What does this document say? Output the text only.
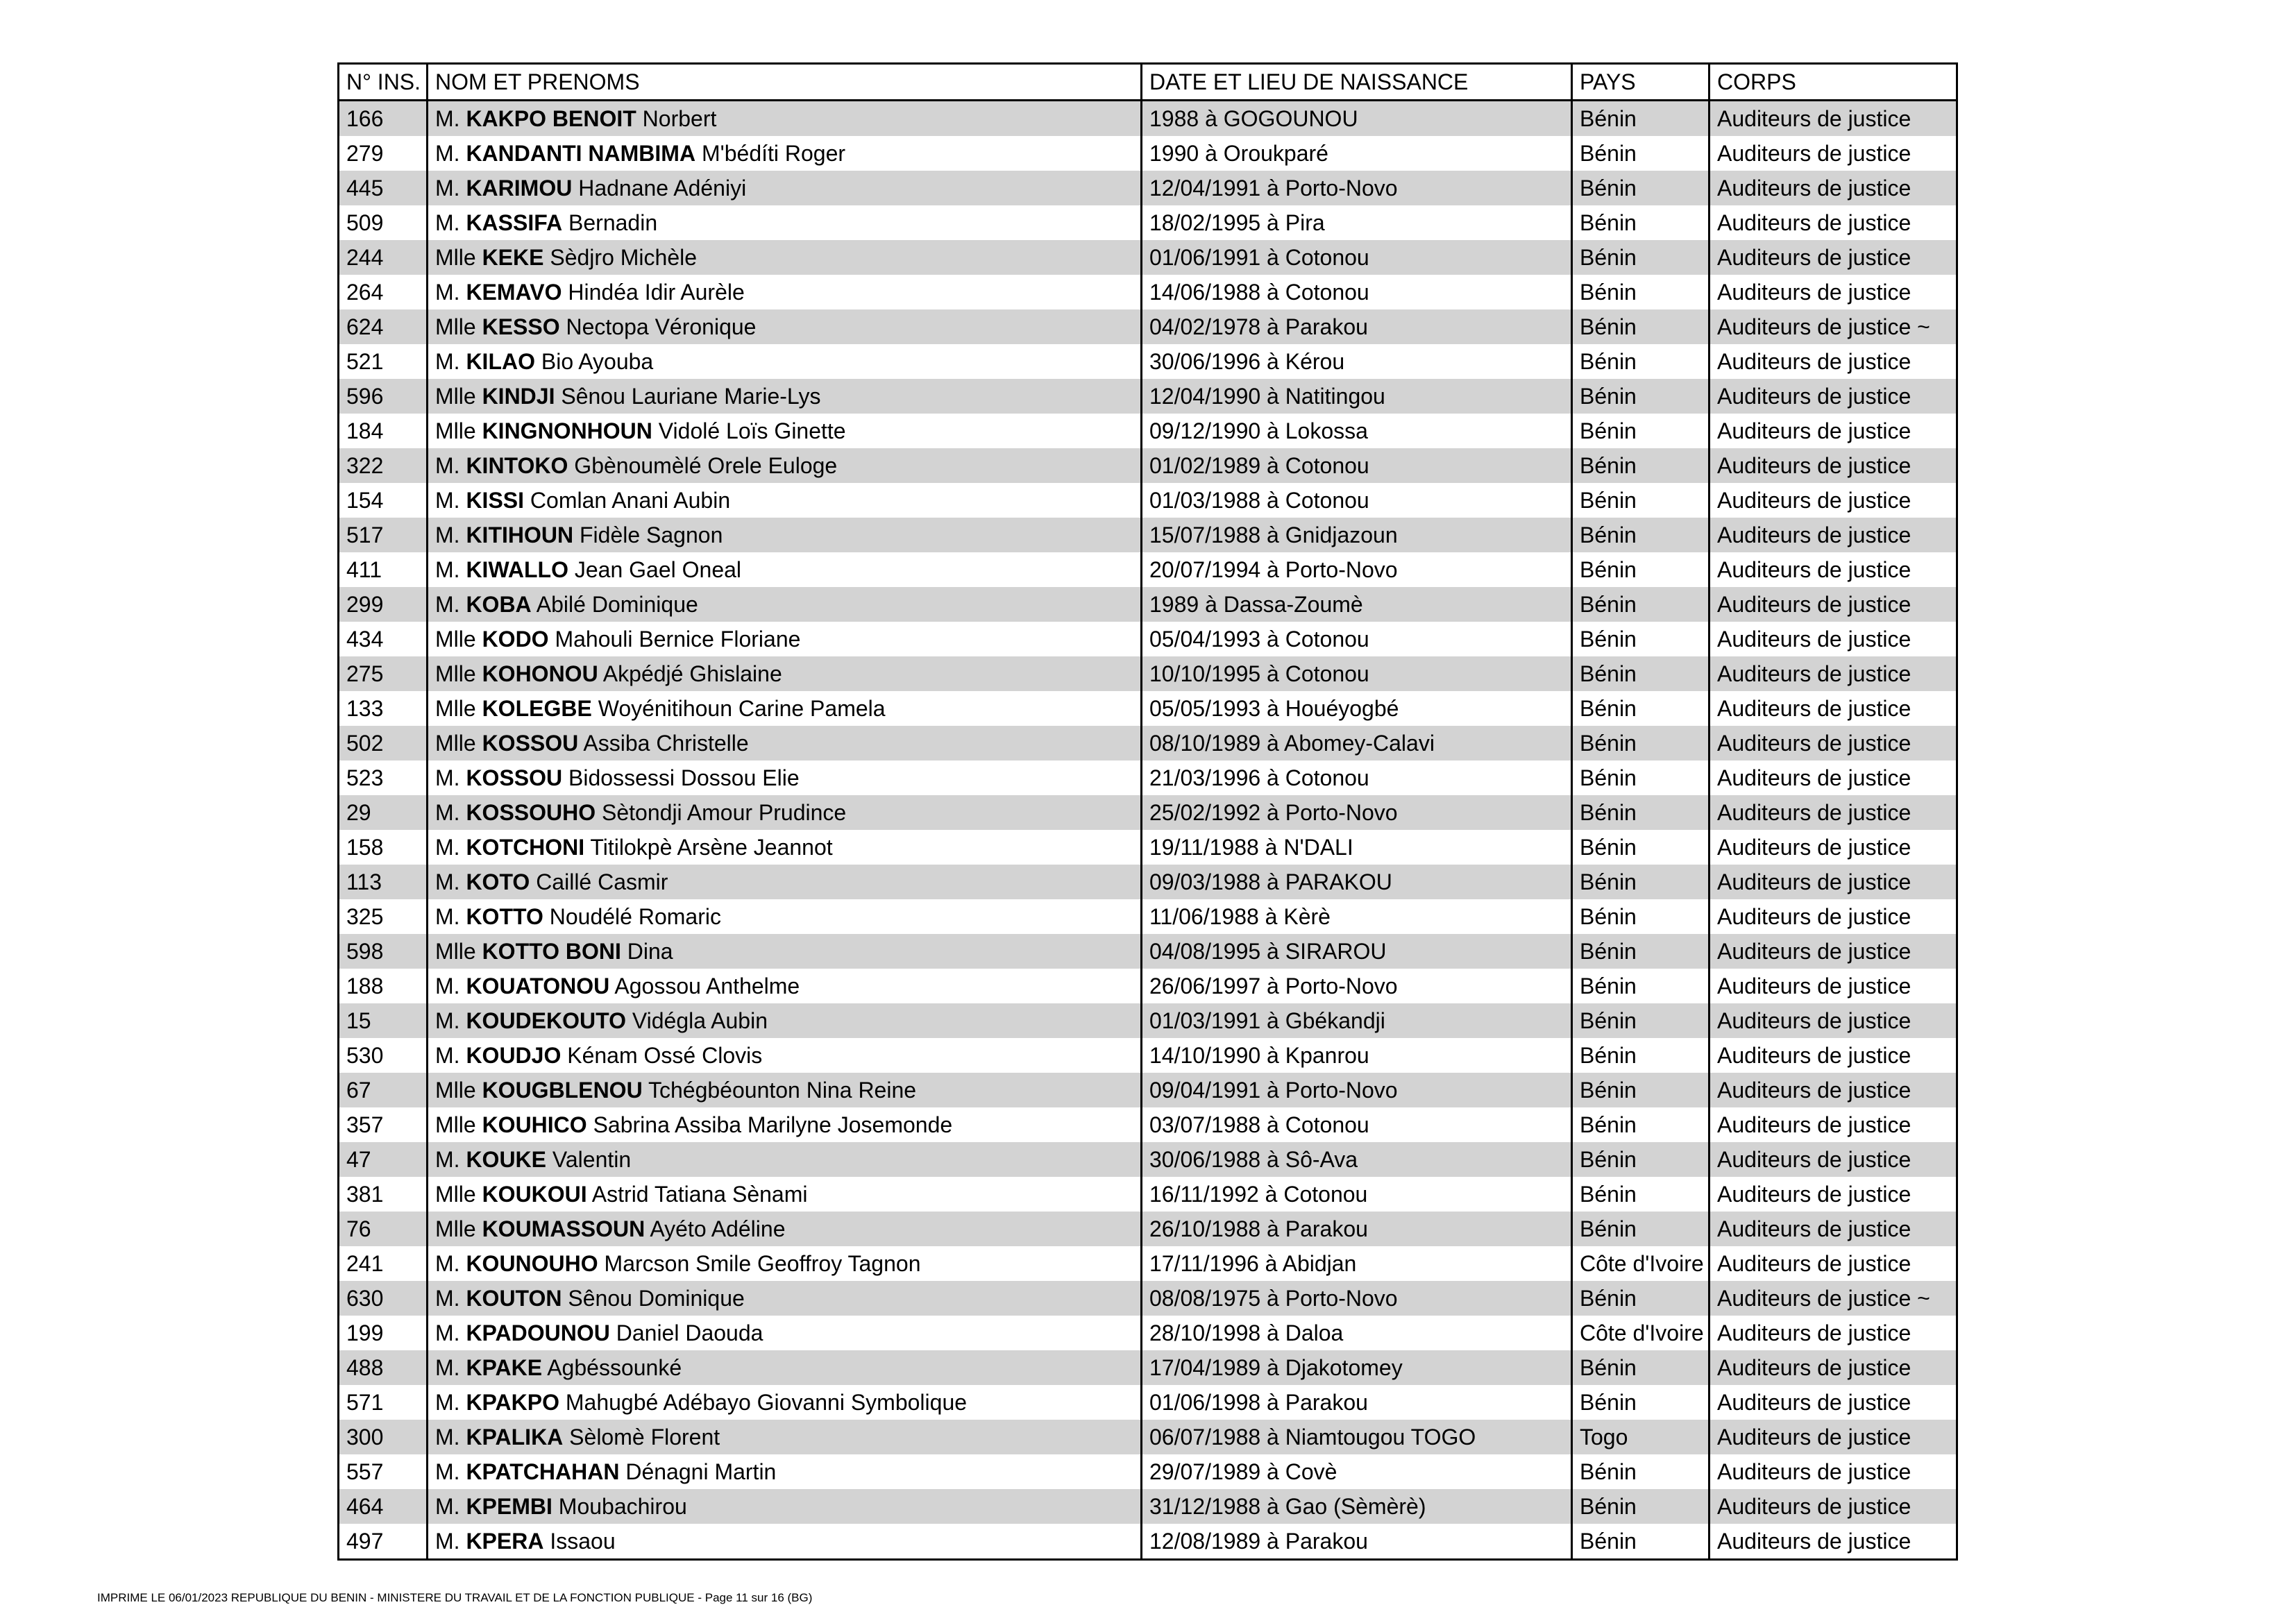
N° INS.	NOM ET PRENOMS	DATE ET LIEU DE NAISSANCE	PAYS	CORPS
166	M. KAKPO BENOIT Norbert	1988 à GOGOUNOU	Bénin	Auditeurs de justice
279	M. KANDANTI NAMBIMA M'bédíti Roger	1990 à Oroukparé	Bénin	Auditeurs de justice
445	M. KARIMOU Hadnane Adéniyi	12/04/1991 à Porto-Novo	Bénin	Auditeurs de justice
509	M. KASSIFA Bernadin	18/02/1995 à Pira	Bénin	Auditeurs de justice
244	Mlle KEKE Sèdjro Michèle	01/06/1991 à Cotonou	Bénin	Auditeurs de justice
264	M. KEMAVO Hindéa Idir Aurèle	14/06/1988 à Cotonou	Bénin	Auditeurs de justice
624	Mlle KESSO Nectopa Véronique	04/02/1978 à Parakou	Bénin	Auditeurs de justice ~
521	M. KILAO Bio Ayouba	30/06/1996 à Kérou	Bénin	Auditeurs de justice
596	Mlle KINDJI Sênou Lauriane Marie-Lys	12/04/1990 à Natitingou	Bénin	Auditeurs de justice
184	Mlle KINGNONHOUN Vidolé Loïs Ginette	09/12/1990 à Lokossa	Bénin	Auditeurs de justice
322	M. KINTOKO Gbènoumèlé Orele Euloge	01/02/1989 à Cotonou	Bénin	Auditeurs de justice
154	M. KISSI Comlan Anani Aubin	01/03/1988 à Cotonou	Bénin	Auditeurs de justice
517	M. KITIHOUN Fidèle Sagnon	15/07/1988 à Gnidjazoun	Bénin	Auditeurs de justice
411	M. KIWALLO Jean Gael Oneal	20/07/1994 à Porto-Novo	Bénin	Auditeurs de justice
299	M. KOBA Abilé Dominique	1989 à Dassa-Zoumè	Bénin	Auditeurs de justice
434	Mlle KODO Mahouli Bernice Floriane	05/04/1993 à Cotonou	Bénin	Auditeurs de justice
275	Mlle KOHONOU Akpédjé Ghislaine	10/10/1995 à Cotonou	Bénin	Auditeurs de justice
133	Mlle KOLEGBE Woyénitihoun Carine Pamela	05/05/1993 à Houéyogbé	Bénin	Auditeurs de justice
502	Mlle KOSSOU Assiba Christelle	08/10/1989 à Abomey-Calavi	Bénin	Auditeurs de justice
523	M. KOSSOU Bidossessi Dossou Elie	21/03/1996 à Cotonou	Bénin	Auditeurs de justice
29	M. KOSSOUHO Sètondji Amour Prudince	25/02/1992 à Porto-Novo	Bénin	Auditeurs de justice
158	M. KOTCHONI Titilokpè Arsène Jeannot	19/11/1988 à N'DALI	Bénin	Auditeurs de justice
113	M. KOTO Caillé Casmir	09/03/1988 à PARAKOU	Bénin	Auditeurs de justice
325	M. KOTTO Noudélé Romaric	11/06/1988 à Kèrè	Bénin	Auditeurs de justice
598	Mlle KOTTO BONI Dina	04/08/1995 à SIRAROU	Bénin	Auditeurs de justice
188	M. KOUATONOU Agossou Anthelme	26/06/1997 à Porto-Novo	Bénin	Auditeurs de justice
15	M. KOUDEKOUTO Vidégla Aubin	01/03/1991 à Gbékandji	Bénin	Auditeurs de justice
530	M. KOUDJO Kénam Ossé Clovis	14/10/1990 à Kpanrou	Bénin	Auditeurs de justice
67	Mlle KOUGBLENOU Tchégbéounton Nina Reine	09/04/1991 à Porto-Novo	Bénin	Auditeurs de justice
357	Mlle KOUHICO Sabrina Assiba Marilyne Josemonde	03/07/1988 à Cotonou	Bénin	Auditeurs de justice
47	M. KOUKE Valentin	30/06/1988 à Sô-Ava	Bénin	Auditeurs de justice
381	Mlle KOUKOUI Astrid Tatiana Sènami	16/11/1992 à Cotonou	Bénin	Auditeurs de justice
76	Mlle KOUMASSOUN Ayéto Adéline	26/10/1988 à Parakou	Bénin	Auditeurs de justice
241	M. KOUNOUHO Marcson Smile Geoffroy Tagnon	17/11/1996 à Abidjan	Côte d'Ivoire	Auditeurs de justice
630	M. KOUTON Sênou Dominique	08/08/1975 à Porto-Novo	Bénin	Auditeurs de justice ~
199	M. KPADOUNOU Daniel Daouda	28/10/1998 à Daloa	Côte d'Ivoire	Auditeurs de justice
488	M. KPAKE Agbéssounké	17/04/1989 à Djakotomey	Bénin	Auditeurs de justice
571	M. KPAKPO Mahugbé Adébayo Giovanni Symbolique	01/06/1998 à Parakou	Bénin	Auditeurs de justice
300	M. KPALIKA Sèlomè Florent	06/07/1988 à Niamtougou TOGO	Togo	Auditeurs de justice
557	M. KPATCHAHAN Dénagni Martin	29/07/1989 à Covè	Bénin	Auditeurs de justice
464	M. KPEMBI Moubachirou	31/12/1988 à Gao (Sèmèrè)	Bénin	Auditeurs de justice
497	M. KPERA Issaou	12/08/1989 à Parakou	Bénin	Auditeurs de justice
IMPRIME LE 06/01/2023 REPUBLIQUE DU BENIN - MINISTERE DU TRAVAIL ET DE LA FONCTION PUBLIQUE - Page 11 sur 16 (BG)
